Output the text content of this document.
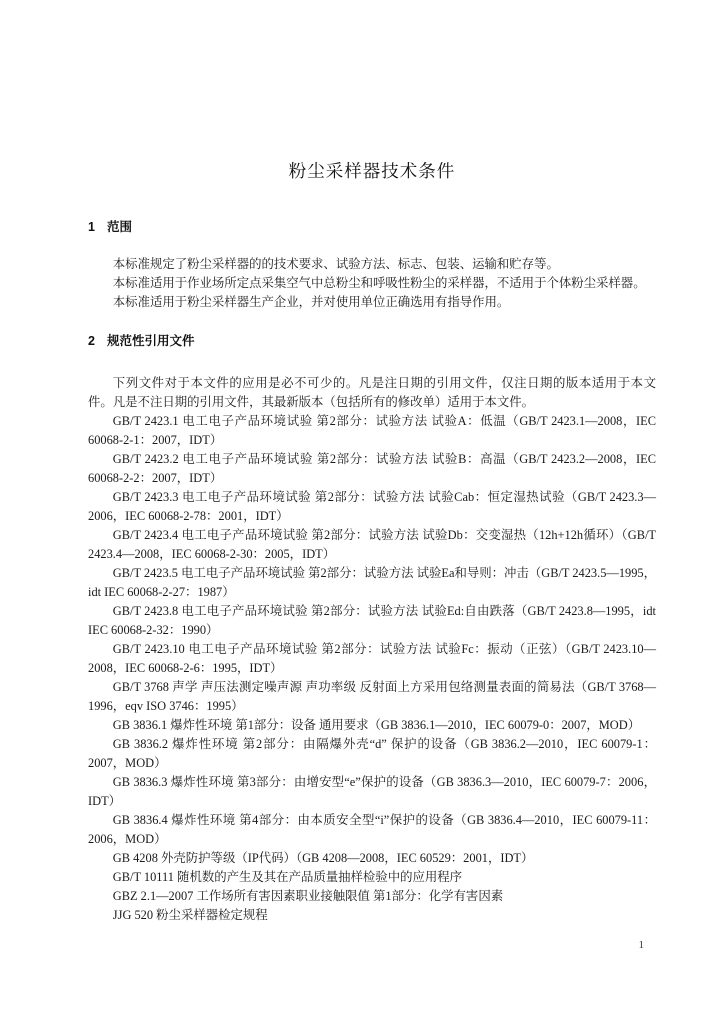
粉尘采样器技术条件
1 范围

本标准规定了粉尘采样器的的技术要求、试验方法、标志、包装、运输和贮存等。

本标准适用于作业场所定点采集空气中总粉尘和呼吸性粉尘的采样器，不适用于个体粉尘采样器。

本标准适用于粉尘采样器生产企业，并对使用单位正确选用有指导作用。

2 规范性引用文件

下列文件对于本文件的应用是必不可少的。凡是注日期的引用文件，仅注日期的版本适用于本文件。凡是不注日期的引用文件，其最新版本（包括所有的修改单）适用于本文件。

GB/T 2423.1 电工电子产品环境试验 第2部分：试验方法 试验A：低温（GB/T 2423.1—2008，IEC 60068-2-1：2007，IDT）

GB/T 2423.2 电工电子产品环境试验 第2部分：试验方法 试验B：高温（GB/T 2423.2—2008，IEC 60068-2-2：2007，IDT）

GB/T 2423.3 电工电子产品环境试验 第2部分：试验方法 试验Cab：恒定湿热试验（GB/T 2423.3—2006，IEC 60068-2-78：2001，IDT）

GB/T 2423.4 电工电子产品环境试验 第2部分：试验方法 试验Db：交变湿热（12h+12h循环）（GB/T 2423.4—2008，IEC 60068-2-30：2005，IDT）

GB/T 2423.5 电工电子产品环境试验 第2部分：试验方法 试验Ea和导则：冲击（GB/T 2423.5—1995，idt IEC 60068-2-27：1987）

GB/T 2423.8 电工电子产品环境试验 第2部分：试验方法 试验Ed:自由跌落（GB/T 2423.8—1995，idt IEC 60068-2-32：1990）

GB/T 2423.10 电工电子产品环境试验 第2部分：试验方法 试验Fc：振动（正弦）（GB/T 2423.10—2008，IEC 60068-2-6：1995，IDT）

GB/T 3768 声学 声压法测定噪声源 声功率级 反射面上方采用包络测量表面的简易法（GB/T 3768—1996，eqv ISO 3746：1995）

GB 3836.1 爆炸性环境 第1部分：设备 通用要求（GB 3836.1—2010，IEC 60079-0：2007，MOD）

GB 3836.2 爆炸性环境 第2部分：由隔爆外壳“d” 保护的设备（GB 3836.2—2010，IEC 60079-1：2007，MOD）

GB 3836.3 爆炸性环境 第3部分：由增安型“e”保护的设备（GB 3836.3—2010，IEC 60079-7：2006，IDT）

GB 3836.4 爆炸性环境 第4部分：由本质安全型“i”保护的设备（GB 3836.4—2010，IEC 60079-11：2006，MOD）

GB 4208 外壳防护等级（IP代码）（GB 4208—2008，IEC 60529：2001，IDT）

GB/T 10111 随机数的产生及其在产品质量抽样检验中的应用程序

GBZ 2.1—2007 工作场所有害因素职业接触限值 第1部分：化学有害因素

JJG 520 粉尘采样器检定规程

1
